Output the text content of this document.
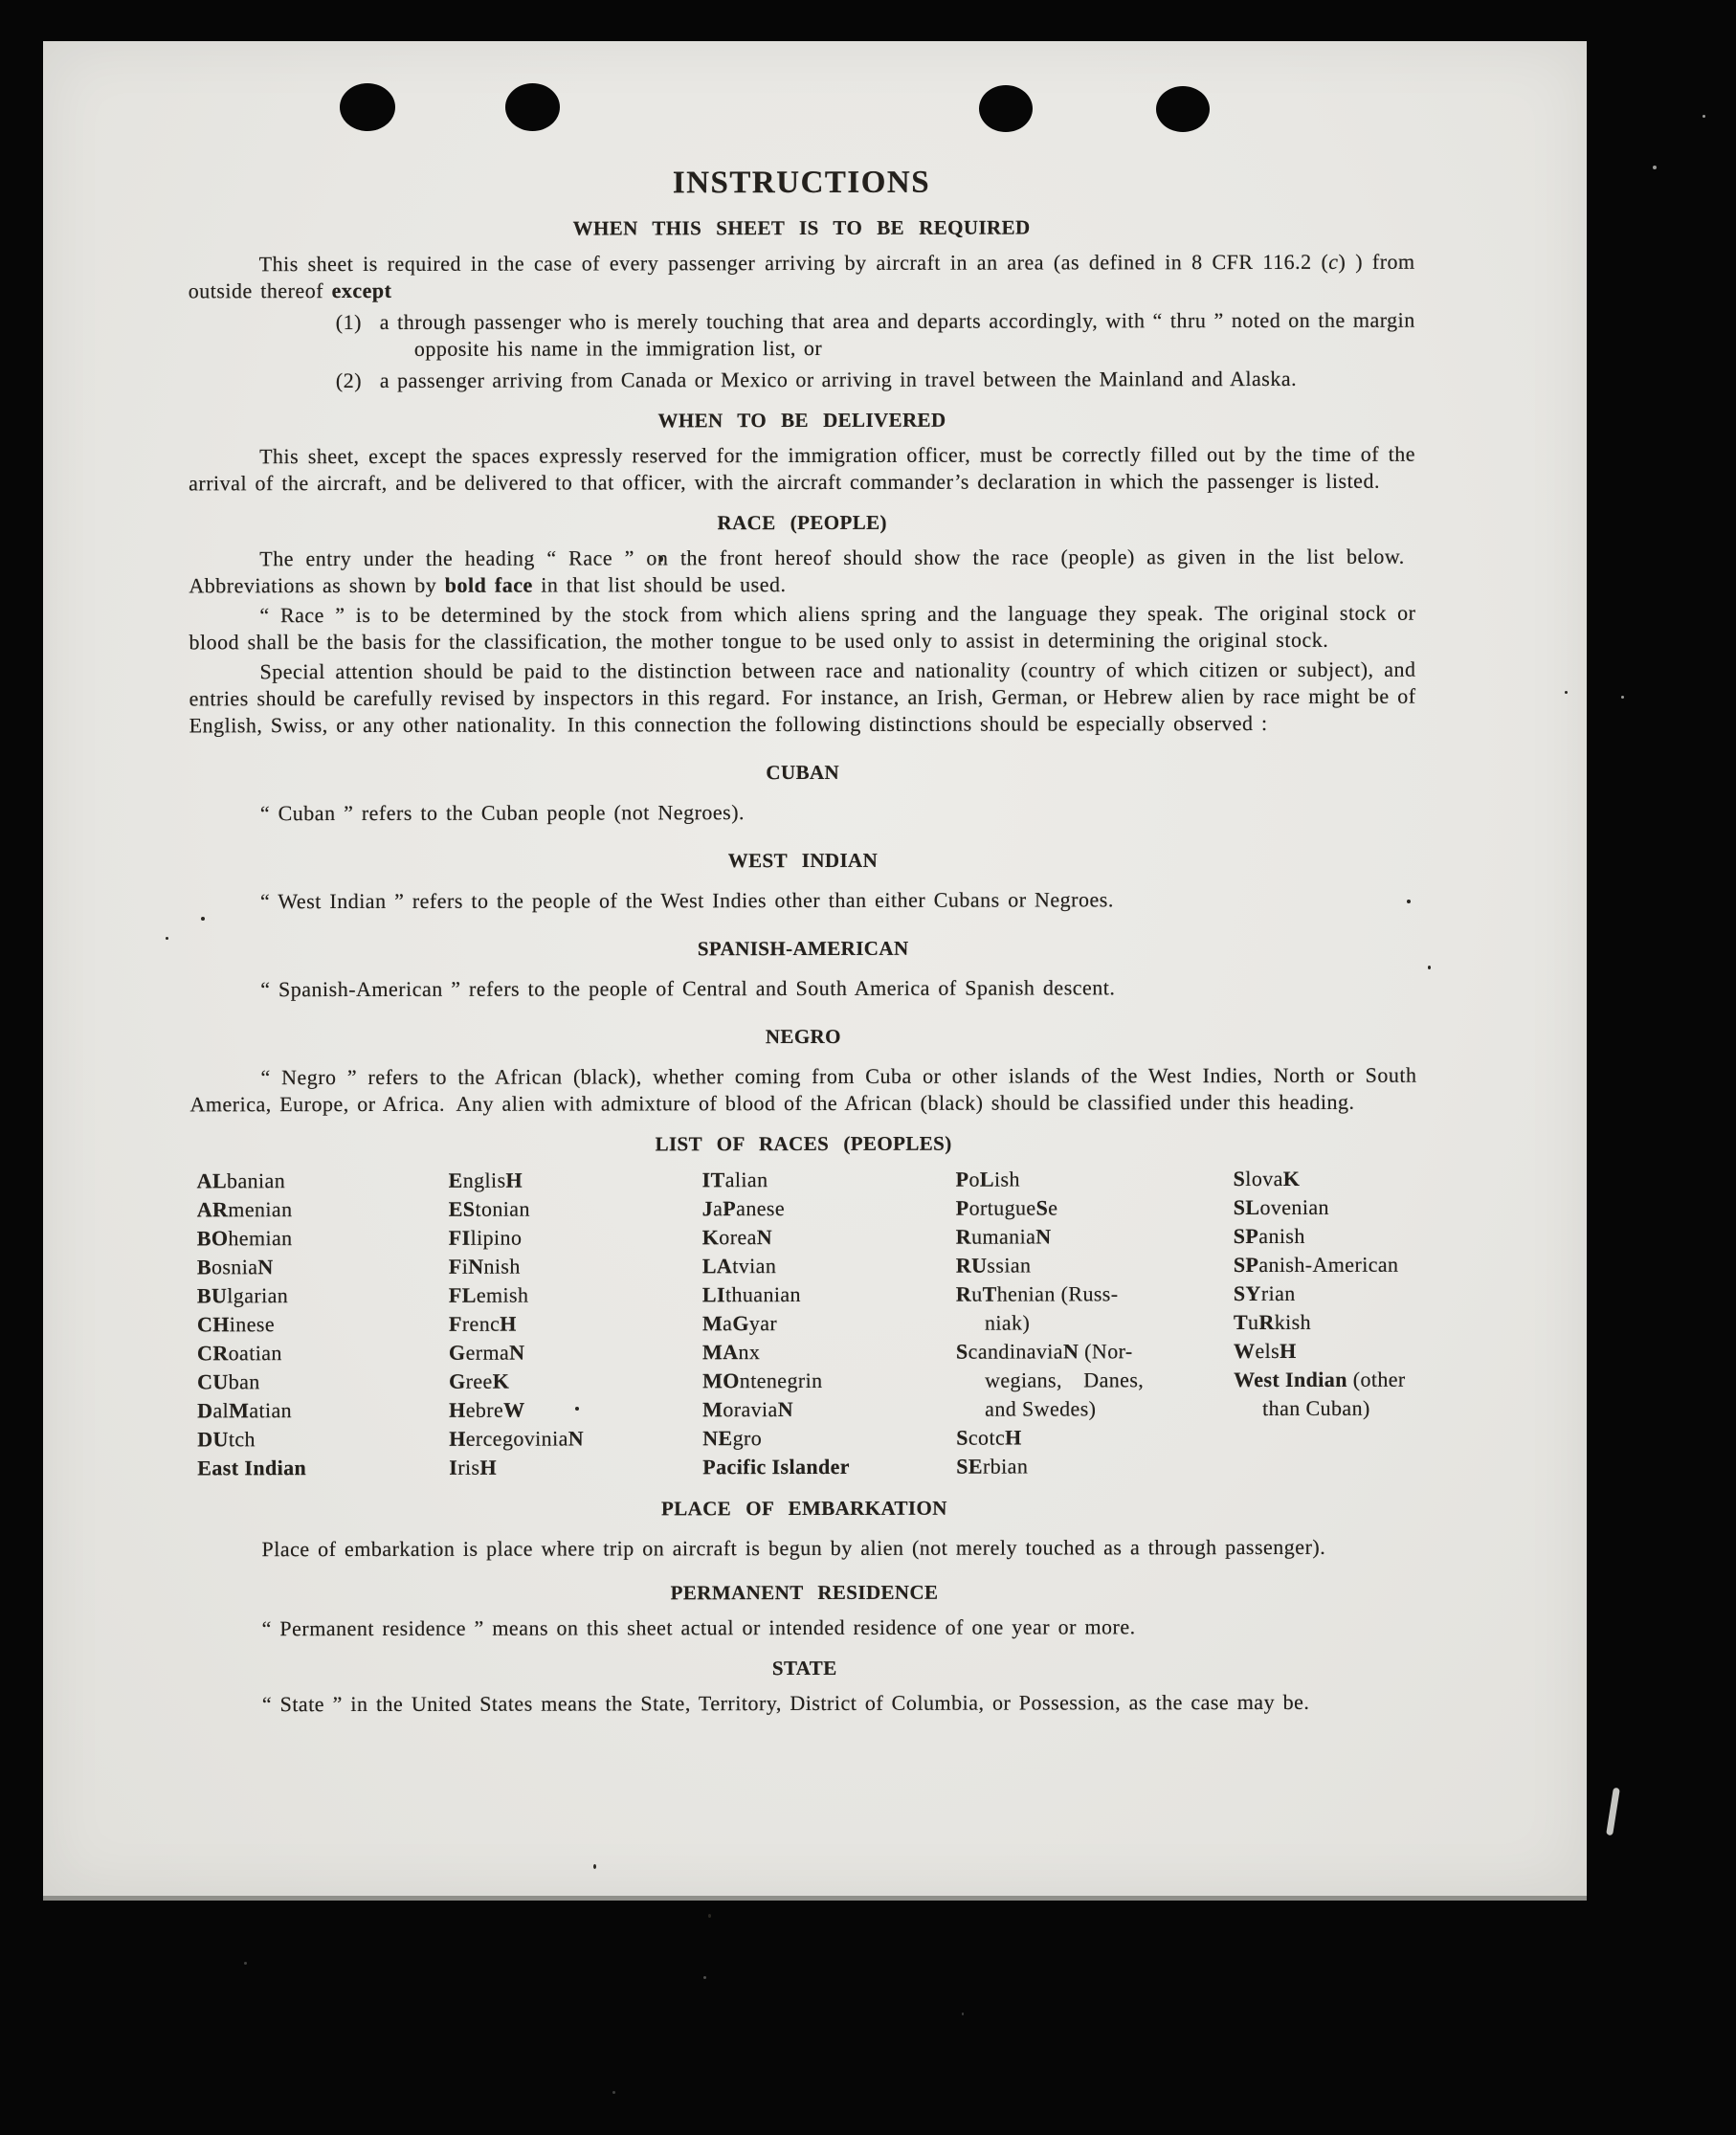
INSTRUCTIONS
WHEN THIS SHEET IS TO BE REQUIRED

This sheet is required in the case of every passenger arriving by aircraft in an area (as defined in 8 CFR 116.2 (c) ) from outside thereof except

(1) a through passenger who is merely touching that area and departs accordingly, with “ thru ” noted on the margin opposite his name in the immigration list, or
(2) a passenger arriving from Canada or Mexico or arriving in travel between the Mainland and Alaska.
WHEN TO BE DELIVERED

This sheet, except the spaces expressly reserved for the immigration officer, must be correctly filled out by the time of the arrival of the aircraft, and be delivered to that officer, with the aircraft commander’s declaration in which the passenger is listed.

RACE (PEOPLE)

The entry under the heading “ Race ” on the front hereof should show the race (people) as given in the list below. Abbreviations as shown by bold face in that list should be used.

“ Race ” is to be determined by the stock from which aliens spring and the language they speak. The original stock or blood shall be the basis for the classification, the mother tongue to be used only to assist in determining the original stock.

Special attention should be paid to the distinction between race and nationality (country of which citizen or subject), and entries should be carefully revised by inspectors in this regard. For instance, an Irish, German, or Hebrew alien by race might be of English, Swiss, or any other nationality. In this connection the following distinctions should be especially observed :

CUBAN

“ Cuban ” refers to the Cuban people (not Negroes).

WEST INDIAN

“ West Indian ” refers to the people of the West Indies other than either Cubans or Negroes.

SPANISH-AMERICAN

“ Spanish-American ” refers to the people of Central and South America of Spanish descent.

NEGRO

“ Negro ” refers to the African (black), whether coming from Cuba or other islands of the West Indies, North or South America, Europe, or Africa. Any alien with admixture of blood of the African (black) should be classified under this heading.

LIST OF RACES (PEOPLES)
ALbanian
ARmenian
BOhemian
BosniaN
BUlgarian
CHinese
CRoatian
CUban
DalMatian
DUtch
East Indian
EnglisH
EStonian
FIlipino
FiNnish
FLemish
FrencH
GermaN
GreeK
HebreW
HercegoviniaN
IrisH
ITalian
JaPanese
KoreaN
LAtvian
LIthuanian
MaGyar
MAnx
MOntenegrin
MoraviaN
NEgro
Pacific Islander
PoLish
PortugueSe
RumaniaN
RUssian
RuThenian (Russ-
niak)
ScandinaviaN (Nor-
wegians, Danes,
and Swedes)
ScotcH
SErbian
SlovaK
SLovenian
SPanish
SPanish-American
SYrian
TuRkish
WelsH
West Indian (other
than Cuban)
PLACE OF EMBARKATION

Place of embarkation is place where trip on aircraft is begun by alien (not merely touched as a through passenger).

PERMANENT RESIDENCE

“ Permanent residence ” means on this sheet actual or intended residence of one year or more.

STATE

“ State ” in the United States means the State, Territory, District of Columbia, or Possession, as the case may be.
